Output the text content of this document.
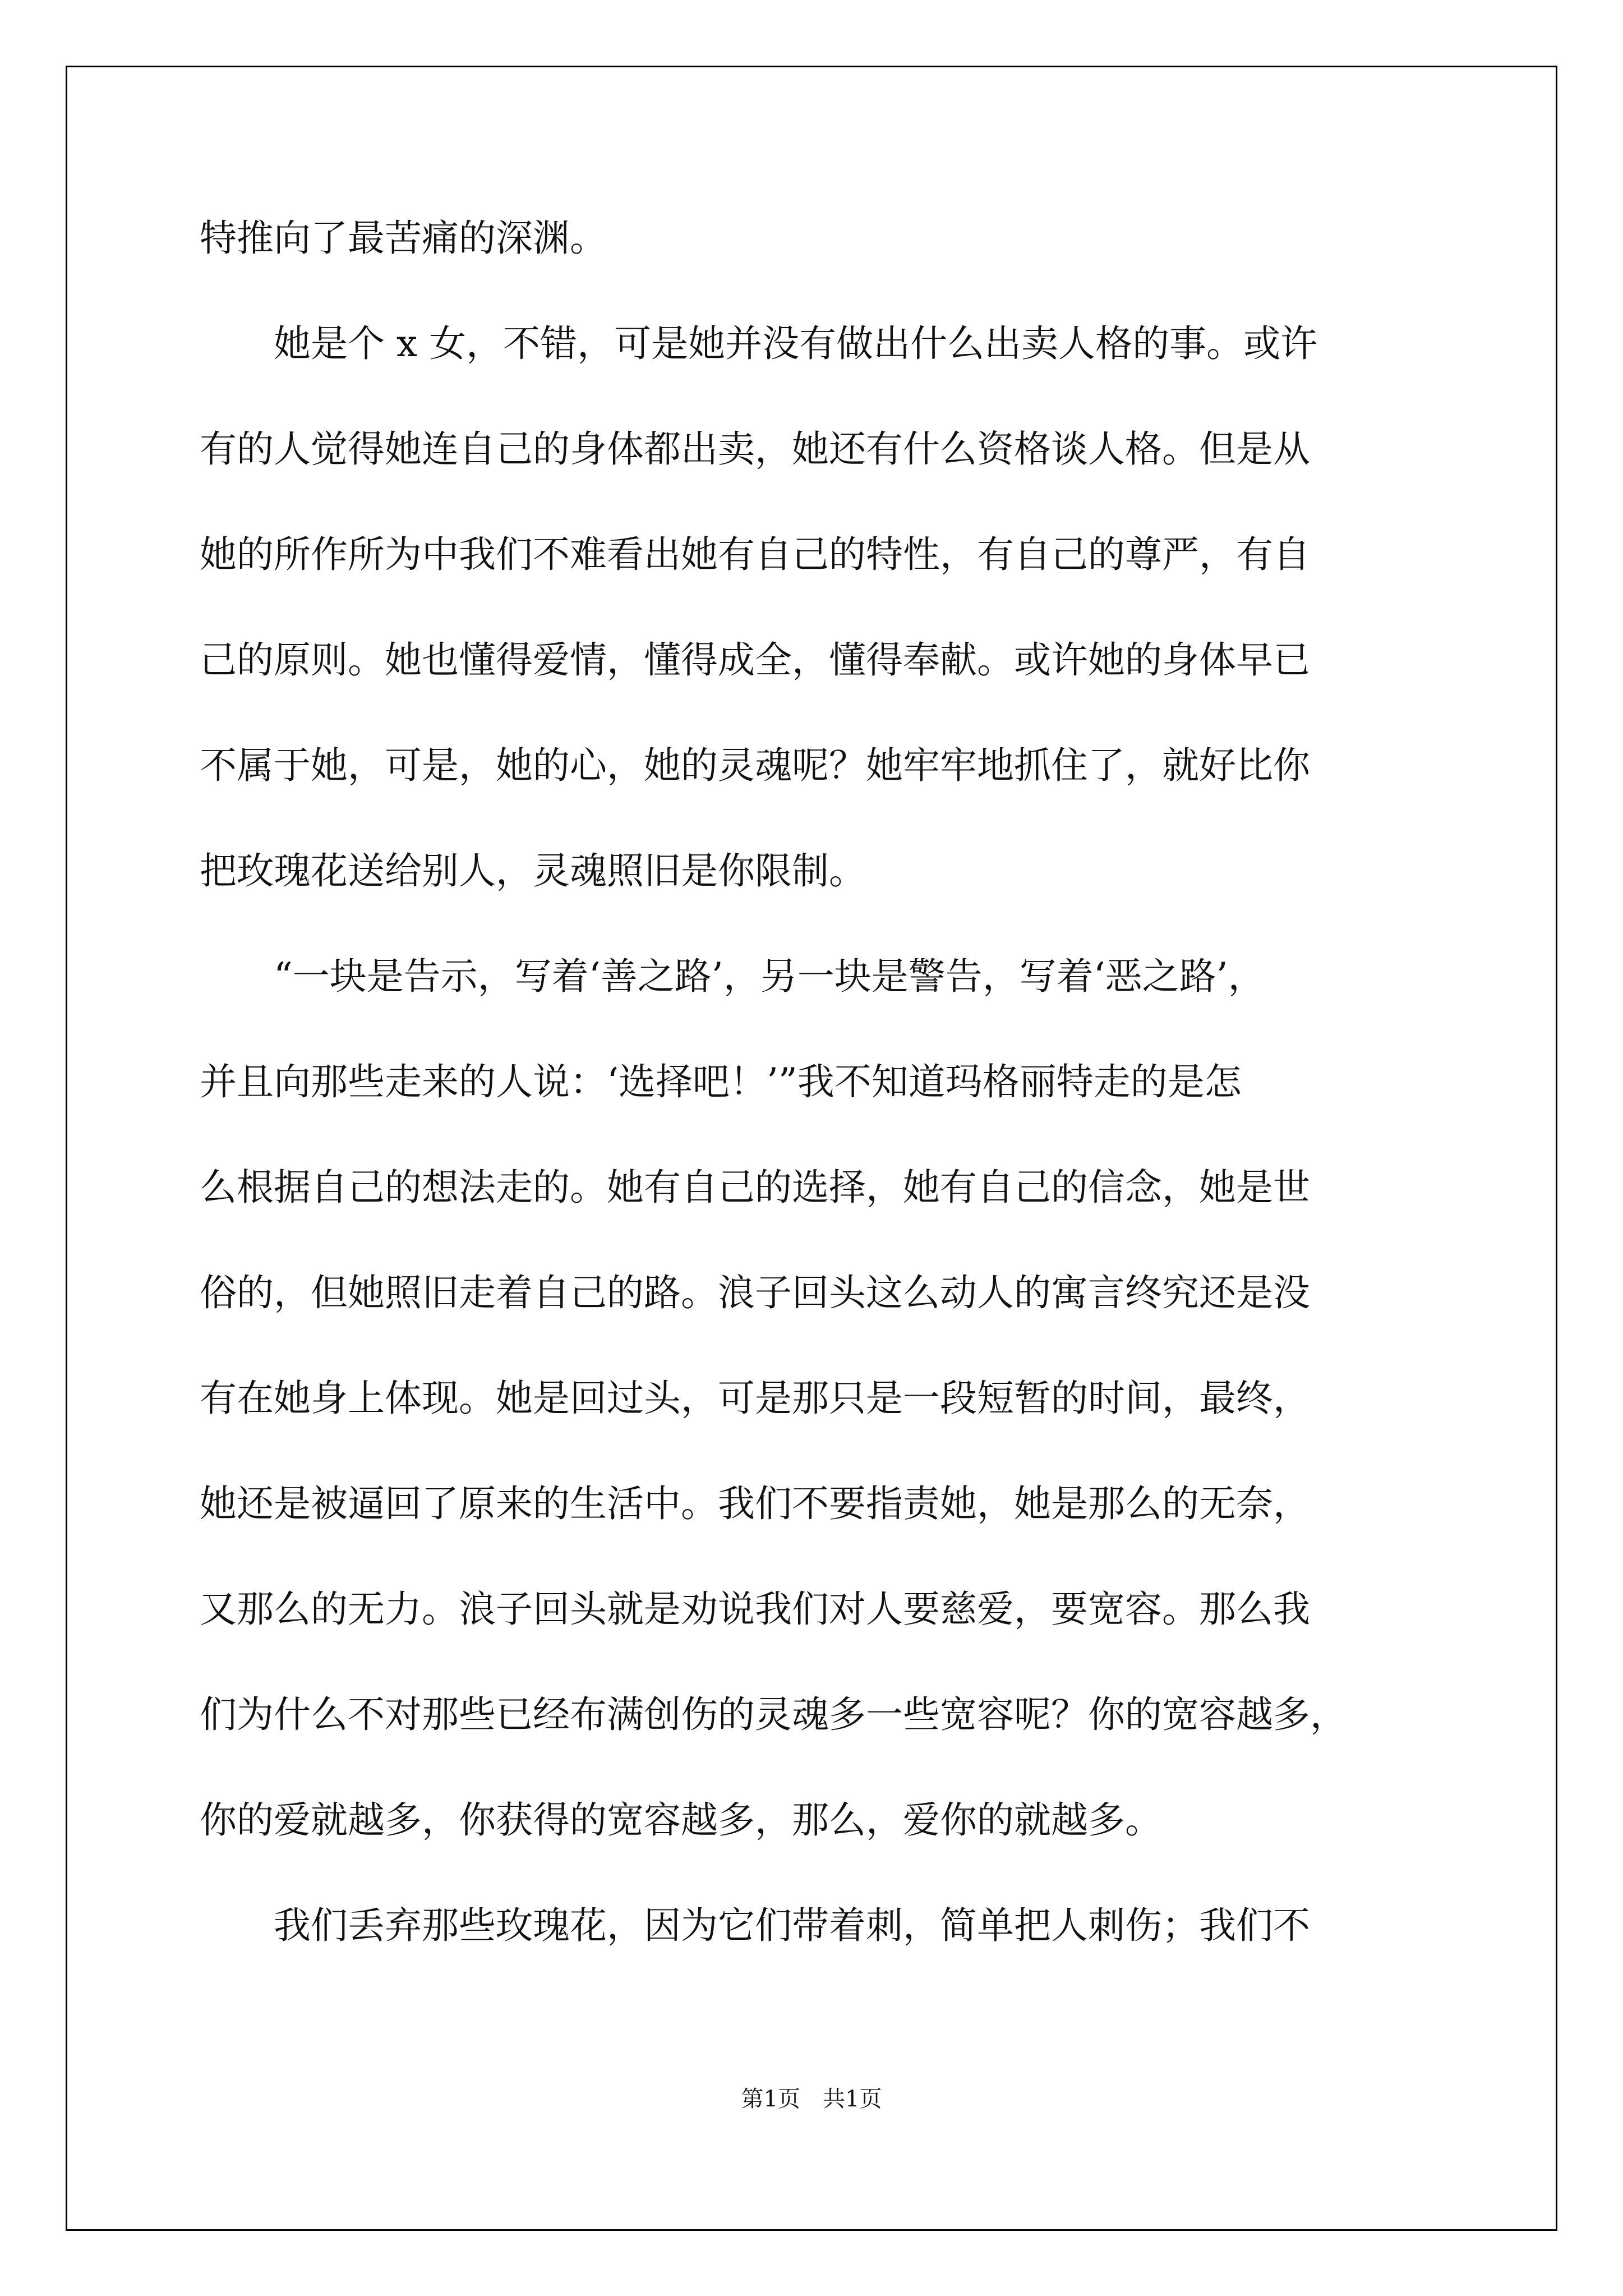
特推向了最苦痛的深渊。

　　她是个 x 女，不错，可是她并没有做出什么出卖人格的事。或许

有的人觉得她连自己的身体都出卖，她还有什么资格谈人格。但是从

她的所作所为中我们不难看出她有自己的特性，有自己的尊严，有自

己的原则。她也懂得爱情，懂得成全，懂得奉献。或许她的身体早已

不属于她，可是，她的心，她的灵魂呢？她牢牢地抓住了，就好比你

把玫瑰花送给别人，灵魂照旧是你限制。

　　“一块是告示，写着‘善之路’，另一块是警告，写着‘恶之路’，

并且向那些走来的人说：‘选择吧！’”我不知道玛格丽特走的是怎

么根据自己的想法走的。她有自己的选择，她有自己的信念，她是世

俗的，但她照旧走着自己的路。浪子回头这么动人的寓言终究还是没

有在她身上体现。她是回过头，可是那只是一段短暂的时间，最终，

她还是被逼回了原来的生活中。我们不要指责她，她是那么的无奈，

又那么的无力。浪子回头就是劝说我们对人要慈爱，要宽容。那么我

们为什么不对那些已经布满创伤的灵魂多一些宽容呢？你的宽容越多，

你的爱就越多，你获得的宽容越多，那么，爱你的就越多。

　　我们丢弃那些玫瑰花，因为它们带着刺，简单把人刺伤；我们不

第1页　共1页
